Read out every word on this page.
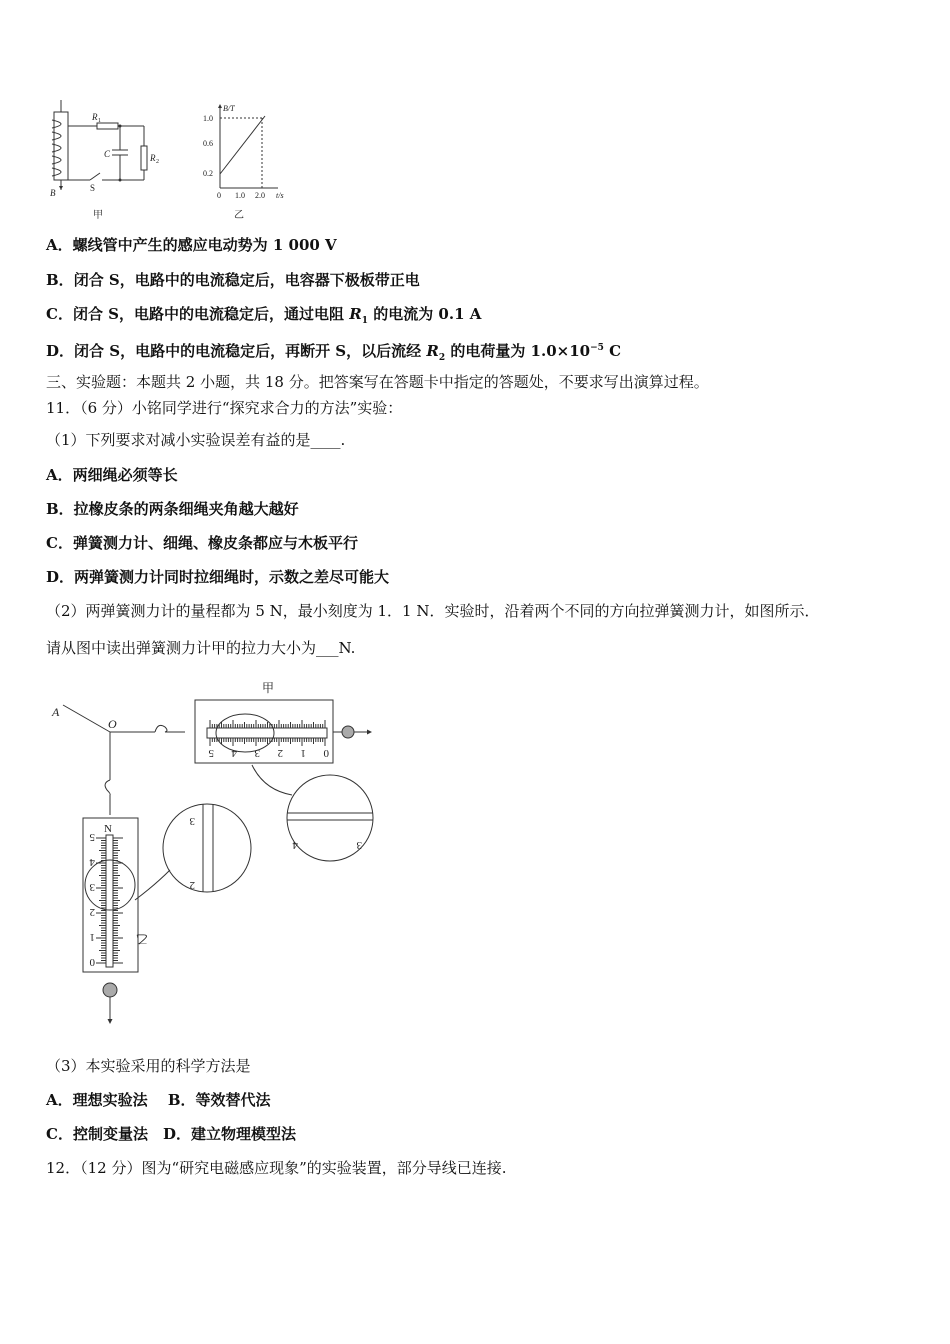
R 1
C	R 2
S
B
甲
B/T
1.0
0.6
0.2
0 1.0 2.0 t/s
乙
A．螺线管中产生的感应电动势为 1 000 V
B．闭合 S，电路中的电流稳定后，电容器下极板带正电
C．闭合 S，电路中的电流稳定后，通过电阻 $R_1$ 的电流为 0.1 A
D．闭合 S，电路中的电流稳定后，再断开 S，以后流经 $R_2$ 的电荷量为 $1.0\times 10^{-5}$ C
三、实验题：本题共 2 小题，共 18 分。把答案写在答题卡中指定的答题处，不要求写出演算过程。
11．（6 分）小铭同学进行“探究求合力的方法”实验：
（1）下列要求对减小实验误差有益的是____.
A．两细绳必须等长
B．拉橡皮条的两条细绳夹角越大越好
C．弹簧测力计、细绳、橡皮条都应与木板平行
D．两弹簧测力计同时拉细绳时，示数之差尽可能大
（2）两弹簧测力计的量程都为 5 N，最小刻度为 1．1 N．实验时，沿着两个不同的方向拉弹簧测力计，如图所示．
请从图中读出弹簧测力计甲的拉力大小为___N.
A
O
甲
乙
N
5 4 3 2 1 0
5
4
3
2
1
0
4	3
3
2
（3）本实验采用的科学方法是
A．理想实验法　 B．等效替代法
C．控制变量法　D．建立物理模型法
12．（12 分）图为“研究电磁感应现象”的实验装置，部分导线已连接.
